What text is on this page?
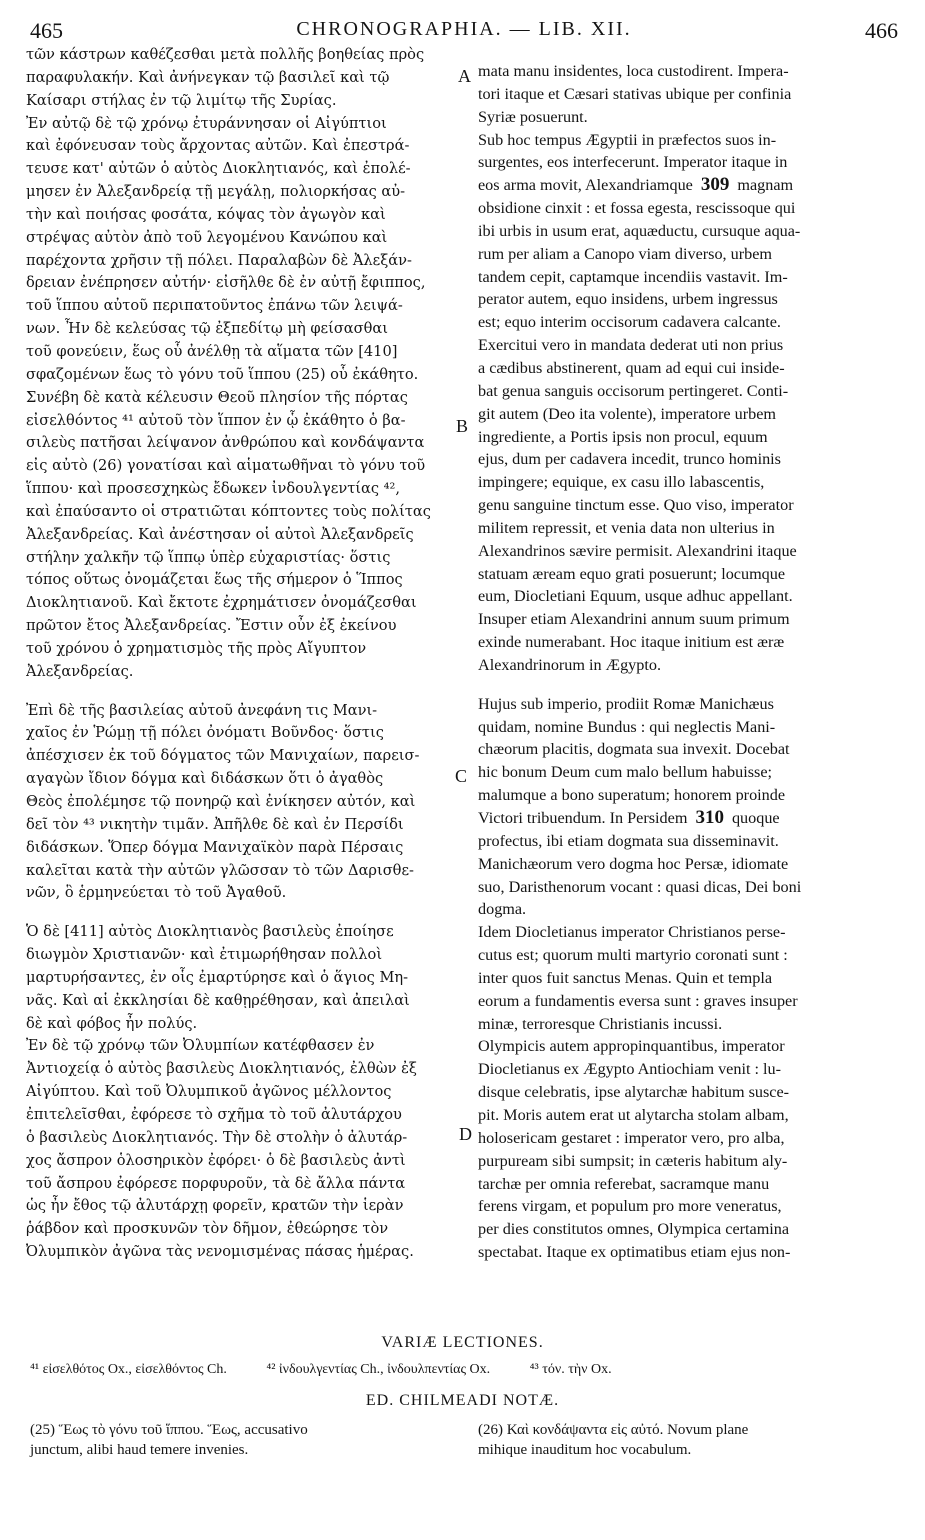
465	CHRONOGRAPHIA. — LIB. XII.	466
τῶν κάστρων καθέζεσθαι μετὰ πολλῆς βοηθείας πρὸς
παραφυλακήν. Καὶ ἀνήνεγκαν τῷ βασιλεῖ καὶ τῷ
Καίσαρι στήλας ἐν τῷ λιμίτῳ τῆς Συρίας.
Ἐν αὐτῷ δὲ τῷ χρόνῳ ἐτυράννησαν οἱ Αἰγύπτιοι
καὶ ἐφόνευσαν τοὺς ἄρχοντας αὐτῶν. Καὶ ἐπεστρά-
τευσε κατ' αὐτῶν ὁ αὐτὸς Διοκλητιανός, καὶ ἐπολέ-
μησεν ἐν Ἀλεξανδρείᾳ τῇ μεγάλῃ, πολιορκήσας αὐ-
τὴν καὶ ποιήσας φοσάτα, κόψας τὸν ἀγωγὸν καὶ
στρέψας αὐτὸν ἀπὸ τοῦ λεγομένου Κανώπου καὶ
παρέχοντα χρῆσιν τῇ πόλει. Παραλαβὼν δὲ Ἀλεξάν-
δρειαν ἐνέπρησεν αὐτήν· εἰσῆλθε δὲ ἐν αὐτῇ ἔφιππος,
τοῦ ἵππου αὐτοῦ περιπατοῦντος ἐπάνω τῶν λειψά-
νων. Ἦν δὲ κελεύσας τῷ ἐξπεδίτῳ μὴ φείσασθαι
τοῦ φονεύειν, ἕως οὗ ἀνέλθῃ τὰ αἵματα τῶν [410]
σφαζομένων ἕως τὸ γόνυ τοῦ ἵππου (25) οὗ ἐκάθητο.
Συνέβη δὲ κατὰ κέλευσιν Θεοῦ πλησίον τῆς πόρτας
εἰσελθόντος ⁴¹ αὐτοῦ τὸν ἵππον ἐν ᾧ ἐκάθητο ὁ βα-
σιλεὺς πατῆσαι λείψανον ἀνθρώπου καὶ κονδάψαντα
εἰς αὐτὸ (26) γονατίσαι καὶ αἱματωθῆναι τὸ γόνυ τοῦ
ἵππου· καὶ προσεσχηκὼς ἔδωκεν ἰνδουλγεντίας ⁴²,
καὶ ἐπαύσαντο οἱ στρατιῶται κόπτοντες τοὺς πολίτας
Ἀλεξανδρείας. Καὶ ἀνέστησαν οἱ αὐτοὶ Ἀλεξανδρεῖς
στήλην χαλκῆν τῷ ἵππῳ ὑπὲρ εὐχαριστίας· ὅστις
τόπος οὕτως ὀνομάζεται ἕως τῆς σήμερον ὁ Ἵππος
Διοκλητιανοῦ. Καὶ ἔκτοτε ἐχρημάτισεν ὀνομάζεσθαι
πρῶτον ἔτος Ἀλεξανδρείας. Ἔστιν οὖν ἐξ ἐκείνου
τοῦ χρόνου ὁ χρηματισμὸς τῆς πρὸς Αἴγυπτον
Ἀλεξανδρείας.
Ἐπὶ δὲ τῆς βασιλείας αὐτοῦ ἀνεφάνη τις Μανι-
χαῖος ἐν Ῥώμῃ τῇ πόλει ὀνόματι Βοῦνδος· ὅστις
ἀπέσχισεν ἐκ τοῦ δόγματος τῶν Μανιχαίων, παρεισ-
αγαγὼν ἴδιον δόγμα καὶ διδάσκων ὅτι ὁ ἀγαθὸς
Θεὸς ἐπολέμησε τῷ πονηρῷ καὶ ἐνίκησεν αὐτόν, καὶ
δεῖ τὸν ⁴³ νικητὴν τιμᾶν. Ἀπῆλθε δὲ καὶ ἐν Περσίδι
διδάσκων. Ὅπερ δόγμα Μανιχαϊκὸν παρὰ Πέρσαις
καλεῖται κατὰ τὴν αὐτῶν γλῶσσαν τὸ τῶν Δαρισθε-
νῶν, ὃ ἑρμηνεύεται τὸ τοῦ Ἀγαθοῦ.
Ὁ δὲ [411] αὐτὸς Διοκλητιανὸς βασιλεὺς ἐποίησε
διωγμὸν Χριστιανῶν· καὶ ἐτιμωρήθησαν πολλοὶ
μαρτυρήσαντες, ἐν οἷς ἐμαρτύρησε καὶ ὁ ἅγιος Μη-
νᾶς. Καὶ αἱ ἐκκλησίαι δὲ καθῃρέθησαν, καὶ ἀπειλαὶ
δὲ καὶ φόβος ἦν πολύς.
Ἐν δὲ τῷ χρόνῳ τῶν Ὀλυμπίων κατέφθασεν ἐν
Ἀντιοχείᾳ ὁ αὐτὸς βασιλεὺς Διοκλητιανός, ἐλθὼν ἐξ
Αἰγύπτου. Καὶ τοῦ Ὀλυμπικοῦ ἀγῶνος μέλλοντος
ἐπιτελεῖσθαι, ἐφόρεσε τὸ σχῆμα τὸ τοῦ ἀλυτάρχου
ὁ βασιλεὺς Διοκλητιανός. Τὴν δὲ στολὴν ὁ ἀλυτάρ-
χος ἄσπρον ὁλοσηρικὸν ἐφόρει· ὁ δὲ βασιλεὺς ἀντὶ
τοῦ ἄσπρου ἐφόρεσε πορφυροῦν, τὰ δὲ ἄλλα πάντα
ὡς ἦν ἔθος τῷ ἀλυτάρχῃ φορεῖν, κρατῶν τὴν ἱερὰν
ῥάβδον καὶ προσκυνῶν τὸν δῆμον, ἐθεώρησε τὸν
Ὀλυμπικὸν ἀγῶνα τὰς νενομισμένας πάσας ἡμέρας.
mata manu insidentes, loca custodirent. Impera-
tori itaque et Cæsari stativas ubique per confinia
Syriæ posuerunt.
Sub hoc tempus Ægyptii in præfectos suos in-
surgentes, eos interfecerunt. Imperator itaque in
eos arma movit, Alexandriamque 309 magnam
obsidione cinxit : et fossa egesta, rescissoque qui
ibi urbis in usum erat, aquæductu, cursuque aqua-
rum per aliam a Canopo viam diverso, urbem
tandem cepit, captamque incendiis vastavit. Im-
perator autem, equo insidens, urbem ingressus
est; equo interim occisorum cadavera calcante.
Exercitui vero in mandata dederat uti non prius
a cædibus abstinerent, quam ad equi cui inside-
bat genua sanguis occisorum pertingeret. Conti-
git autem (Deo ita volente), imperatore urbem
ingrediente, a Portis ipsis non procul, equum
ejus, dum per cadavera incedit, trunco hominis
impingere; equique, ex casu illo labascentis,
genu sanguine tinctum esse. Quo viso, imperator
militem repressit, et venia data non ulterius in
Alexandrinos sævire permisit. Alexandrini itaque
statuam æream equo grati posuerunt; locumque
eum, Diocletiani Equum, usque adhuc appellant.
Insuper etiam Alexandrini annum suum primum
exinde numerabant. Hoc itaque initium est æræ
Alexandrinorum in Ægypto.
Hujus sub imperio, prodiit Romæ Manichæus
quidam, nomine Bundus : qui neglectis Mani-
chæorum placitis, dogmata sua invexit. Docebat
hic bonum Deum cum malo bellum habuisse;
malumque a bono superatum; honorem proinde
Victori tribuendum. In Persidem 310 quoque
profectus, ibi etiam dogmata sua disseminavit.
Manichæorum vero dogma hoc Persæ, idiomate
suo, Daristhenorum vocant : quasi dicas, Dei boni
dogma.
Idem Diocletianus imperator Christianos perse-
cutus est; quorum multi martyrio coronati sunt :
inter quos fuit sanctus Menas. Quin et templa
eorum a fundamentis eversa sunt : graves insuper
minæ, terroresque Christianis incussi.
Olympicis autem appropinquantibus, imperator
Diocletianus ex Ægypto Antiochiam venit : lu-
disque celebratis, ipse alytarchæ habitum susce-
pit. Moris autem erat ut alytarcha stolam albam,
holosericam gestaret : imperator vero, pro alba,
purpuream sibi sumpsit; in cæteris habitum aly-
tarchæ per omnia referebat, sacramque manu
ferens virgam, et populum pro more veneratus,
per dies constitutos omnes, Olympica certamina
spectabat. Itaque ex optimatibus etiam ejus non-
A
B
C
D
VARIÆ LECTIONES.
⁴¹ εἰσελθότος Ox., εἰσελθόντος Ch.	⁴² ἰνδουλγεντίας Ch., ἰνδουλπεντίας Ox.	⁴³ τόν. τὴν Ox.
ED. CHILMEADI NOTÆ.
(25) Ἕως τὸ γόνυ τοῦ ἵππου. Ἕως, accusativo
junctum, alibi haud temere invenies.
(26) Καὶ κονδάψαντα εἰς αὐτό. Novum plane
mihique inauditum hoc vocabulum.
